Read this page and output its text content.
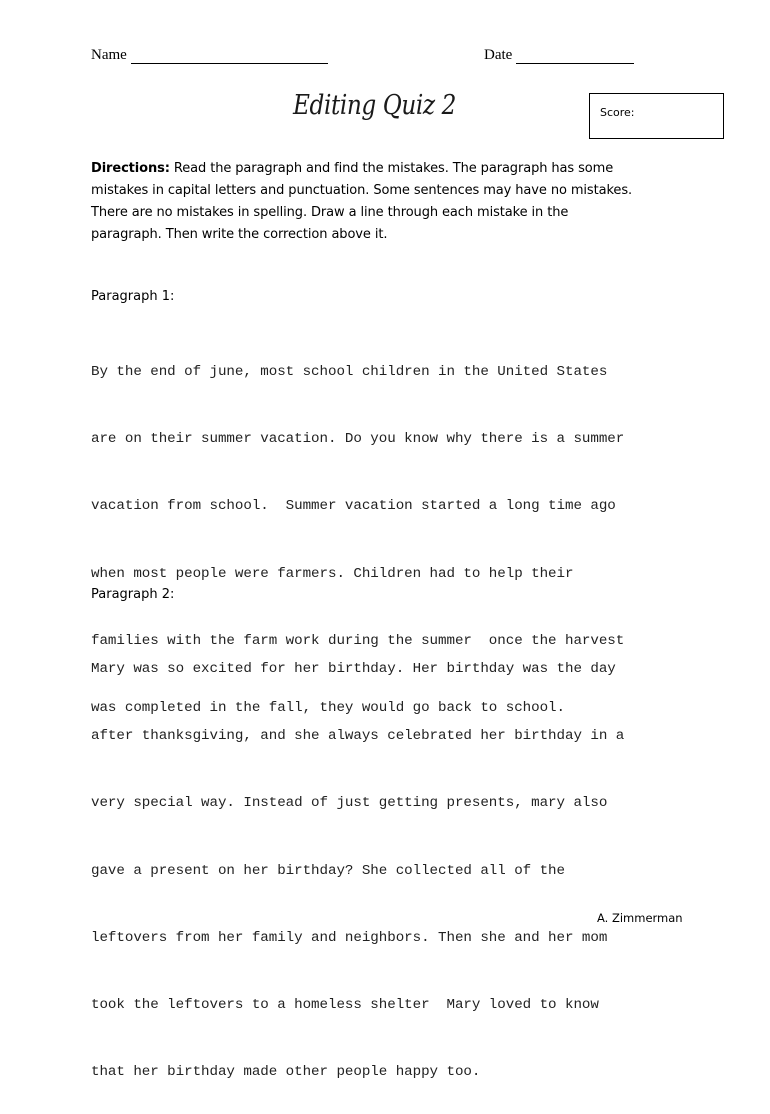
Name	Date
Editing Quiz 2	Score:
Directions: Read the paragraph and find the mistakes. The paragraph has some
mistakes in capital letters and punctuation. Some sentences may have no mistakes.
There are no mistakes in spelling. Draw a line through each mistake in the
paragraph. Then write the correction above it.
Paragraph 1:

By the end of june, most school children in the United States

are on their summer vacation. Do you know why there is a summer

vacation from school.  Summer vacation started a long time ago

when most people were farmers. Children had to help their

families with the farm work during the summer  once the harvest

was completed in the fall, they would go back to school.

Paragraph 2:

Mary was so excited for her birthday. Her birthday was the day

after thanksgiving, and she always celebrated her birthday in a

very special way. Instead of just getting presents, mary also

gave a present on her birthday? She collected all of the

leftovers from her family and neighbors. Then she and her mom

took the leftovers to a homeless shelter  Mary loved to know

that her birthday made other people happy too.

A. Zimmerman
